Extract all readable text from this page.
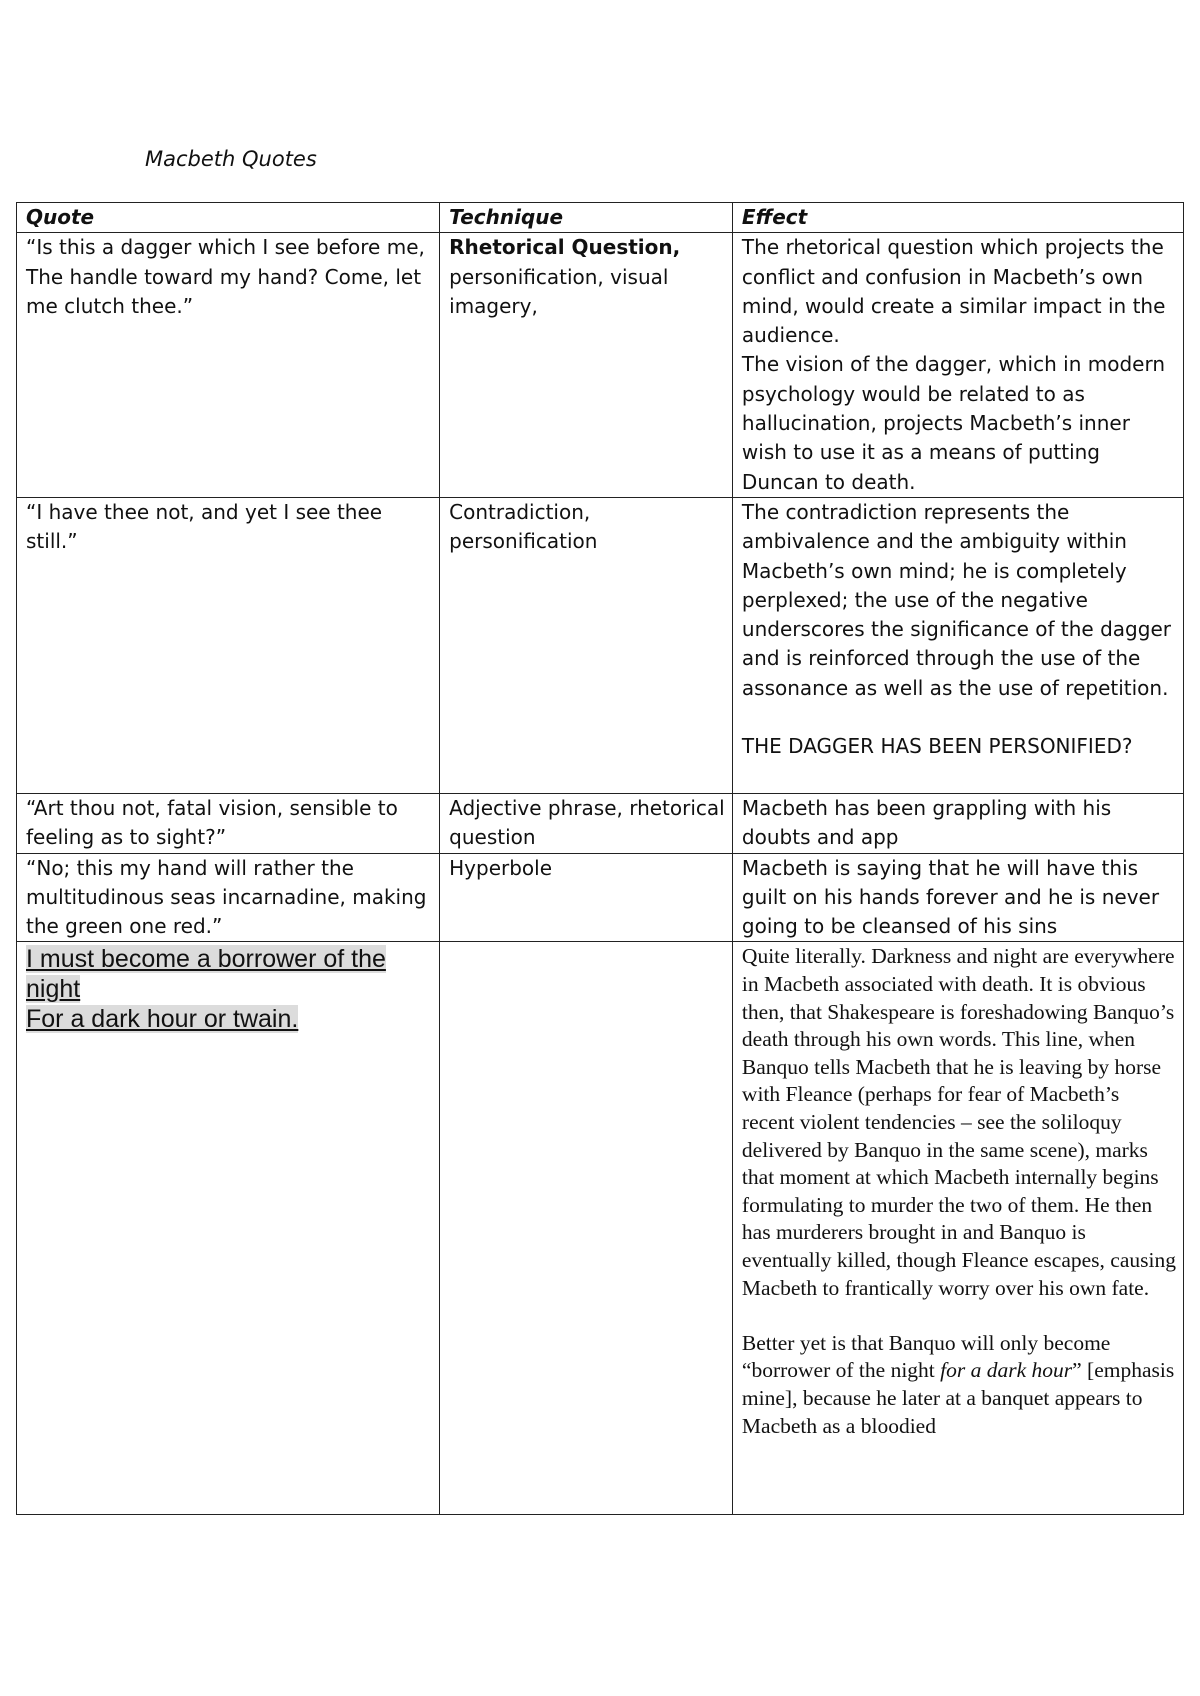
Macbeth Quotes
Quote	Technique	Effect
“Is this a dagger which I see before me, The handle toward my hand? Come, let me clutch thee.”	Rhetorical Question, personification, visual imagery,	The rhetorical question which projects the conflict and confusion in Macbeth’s own mind, would create a similar impact in the audience.
The vision of the dagger, which in modern psychology would be related to as hallucination, projects Macbeth’s inner wish to use it as a means of putting Duncan to death.

“I have thee not, and yet I see thee still.”	Contradiction, personification	The contradiction represents the ambivalence and the ambiguity within Macbeth’s own mind; he is completely perplexed; the use of the negative underscores the significance of the dagger and is reinforced through the use of the assonance as well as the use of repetition.
THE DAGGER HAS BEEN PERSONIFIED?

“Art thou not, fatal vision, sensible to feeling as to sight?”	Adjective phrase, rhetorical question	Macbeth has been grappling with his doubts and app
“No; this my hand will rather the multitudinous seas incarnadine, making the green one red.”	Hyperbole	Macbeth is saying that he will have this guilt on his hands forever and he is never going to be cleansed of his sins

I must become a borrower of the night
For a dark hour or twain.		Quite literally. Darkness and night are everywhere in Macbeth associated with death. It is obvious then, that Shakespeare is foreshadowing Banquo’s death through his own words. This line, when Banquo tells Macbeth that he is leaving by horse with Fleance (perhaps for fear of Macbeth’s recent violent tendencies – see the soliloquy delivered by Banquo in the same scene), marks that moment at which Macbeth internally begins formulating to murder the two of them. He then has murderers brought in and Banquo is eventually killed, though Fleance escapes, causing Macbeth to frantically worry over his own fate.
Better yet is that Banquo will only become “borrower of the night for a dark hour” [emphasis mine], because he later at a banquet appears to Macbeth as a bloodied
